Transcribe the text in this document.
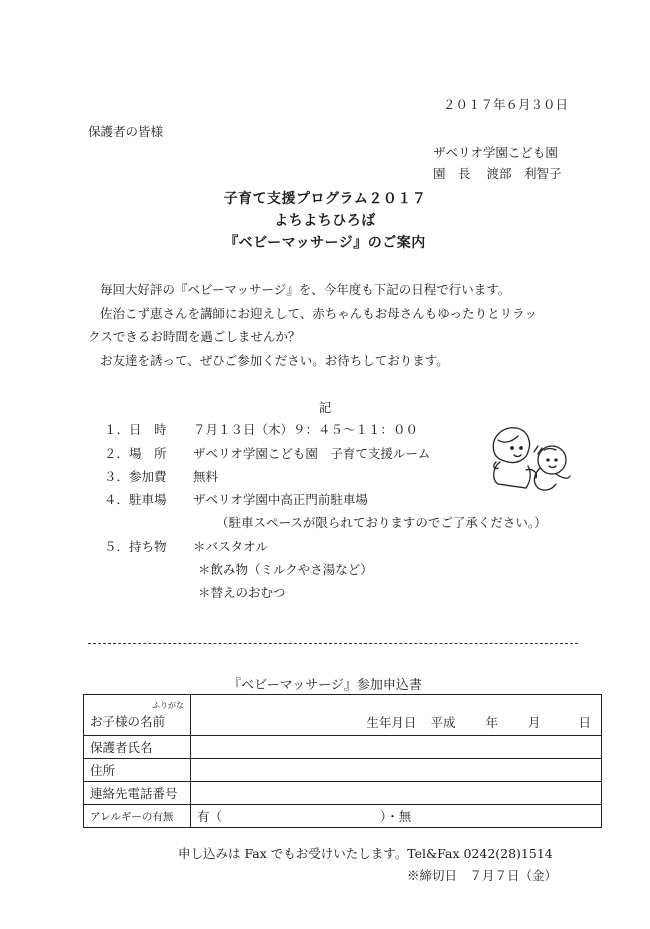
２０１７年６月３０日
保護者の皆様
ザベリオ学園こども園
園　長 渡部　利智子
子育て支援プログラム２０１７
よちよちひろば
『ベビーマッサージ』のご案内
毎回大好評の『ベビーマッサージ』を、今年度も下記の日程で行います。
佐治こず恵さんを講師にお迎えして、赤ちゃんもお母さんもゆったりとリラッ
クスできるお時間を過ごしませんか？
お友達を誘って、ぜひご参加ください。お待ちしております。
記
１．日　時 ７月１３日（木）９：４５～１１：００
２．場　所 ザベリオ学園こども園　子育て支援ルーム
３．参加費 無料
４．駐車場 ザベリオ学園中高正門前駐車場
（駐車スペースが限られておりますのでご了承ください。）
５．持ち物 ＊バスタオル
＊飲み物（ミルクやさ湯など）
＊替えのおむつ
『ベビーマッサージ』参加申込書
ふりがな
お子様の名前	生年月日 平成 年 月 日

保護者氏名	
住所	
連絡先電話番号	
アレルギーの有無	有（ ）・無
申し込みは Fax でもお受けいたします。Tel&Fax 0242(28)1514
※締切日　７月７日（金）
